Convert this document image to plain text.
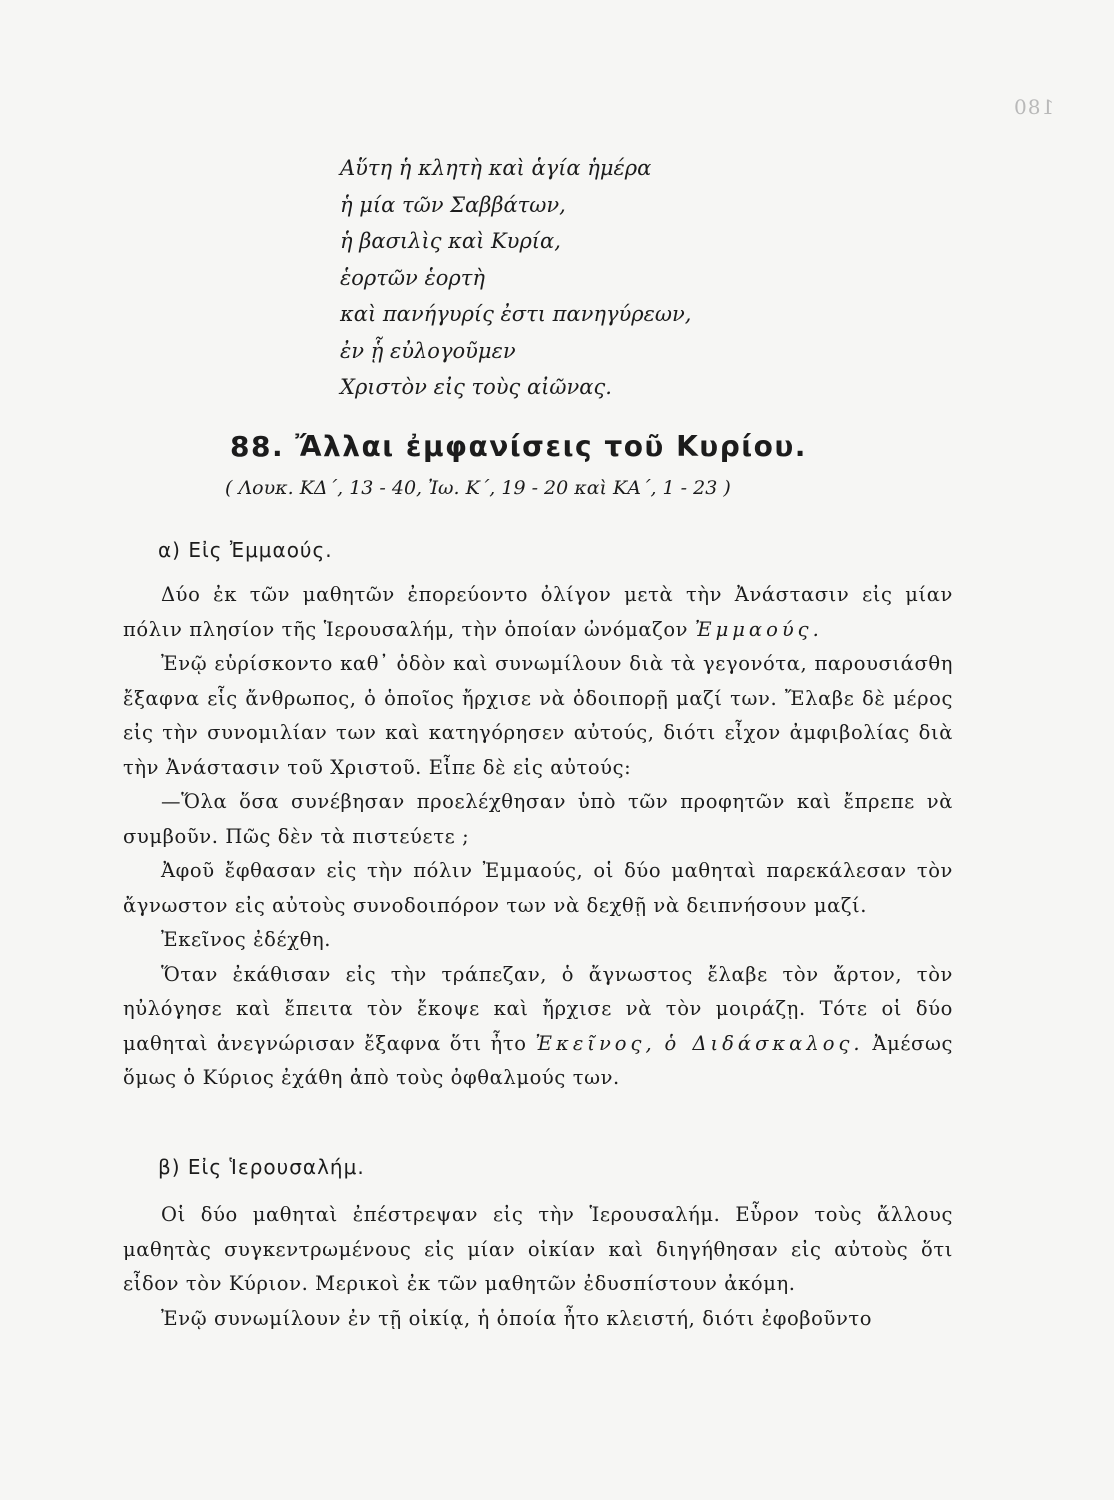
180
Αὕτη ἡ κλητὴ καὶ ἁγία ἡμέρα
ἡ μία τῶν Σαββάτων,
ἡ βασιλὶς καὶ Κυρία,
ἑορτῶν ἑορτὴ
καὶ πανήγυρίς ἐστι πανηγύρεων,
ἐν ᾗ εὐλογοῦμεν
Χριστὸν εἰς τοὺς αἰῶνας.
88. Ἄλλαι ἐμφανίσεις τοῦ Κυρίου.
( Λουκ. ΚΔ΄, 13 - 40, Ἰω. Κ΄, 19 - 20 καὶ ΚΑ΄, 1 - 23 )
α) Εἰς Ἐμμαούς.

Δύο ἐκ τῶν μαθητῶν ἐπορεύοντο ὀλίγον μετὰ τὴν Ἀνάστασιν εἰς μίαν πόλιν πλησίον τῆς Ἱερουσαλήμ, τὴν ὁποίαν ὠνόμαζον Ἐμμαούς.

Ἐνῷ εὑρίσκοντο καθ᾿ ὁδὸν καὶ συνωμίλουν διὰ τὰ γεγονότα, παρουσιάσθη ἔξαφνα εἷς ἄνθρωπος, ὁ ὁποῖος ἤρχισε νὰ ὁδοιπορῇ μαζί των. Ἔλαβε δὲ μέρος εἰς τὴν συνομιλίαν των καὶ κατηγόρησεν αὐτούς, διότι εἶχον ἀμφιβολίας διὰ τὴν Ἀνάστασιν τοῦ Χριστοῦ. Εἶπε δὲ εἰς αὐτούς:

—Ὅλα ὅσα συνέβησαν προελέχθησαν ὑπὸ τῶν προφητῶν καὶ ἔπρεπε νὰ συμβοῦν. Πῶς δὲν τὰ πιστεύετε ;

Ἀφοῦ ἔφθασαν εἰς τὴν πόλιν Ἐμμαούς, οἱ δύο μαθηταὶ παρεκάλεσαν τὸν ἄγνωστον εἰς αὐτοὺς συνοδοιπόρον των νὰ δεχθῇ νὰ δειπνήσουν μαζί.

Ἐκεῖνος ἐδέχθη.

Ὅταν ἐκάθισαν εἰς τὴν τράπεζαν, ὁ ἄγνωστος ἔλαβε τὸν ἄρτον, τὸν ηὐλόγησε καὶ ἔπειτα τὸν ἔκοψε καὶ ἤρχισε νὰ τὸν μοιράζῃ. Τότε οἱ δύο μαθηταὶ ἀνεγνώρισαν ἔξαφνα ὅτι ἦτο Ἐκεῖνος, ὁ Διδάσκαλος. Ἀμέσως ὅμως ὁ Κύριος ἐχάθη ἀπὸ τοὺς ὀφθαλμούς των.

β) Εἰς Ἱερουσαλήμ.

Οἱ δύο μαθηταὶ ἐπέστρεψαν εἰς τὴν Ἱερουσαλήμ. Εὗρον τοὺς ἄλλους μαθητὰς συγκεντρωμένους εἰς μίαν οἰκίαν καὶ διηγήθησαν εἰς αὐτοὺς ὅτι εἶδον τὸν Κύριον. Μερικοὶ ἐκ τῶν μαθητῶν ἐδυσπίστουν ἀκόμη.

Ἐνῷ συνωμίλουν ἐν τῇ οἰκίᾳ, ἡ ὁποία ἦτο κλειστή, διότι ἐφοβοῦντο
